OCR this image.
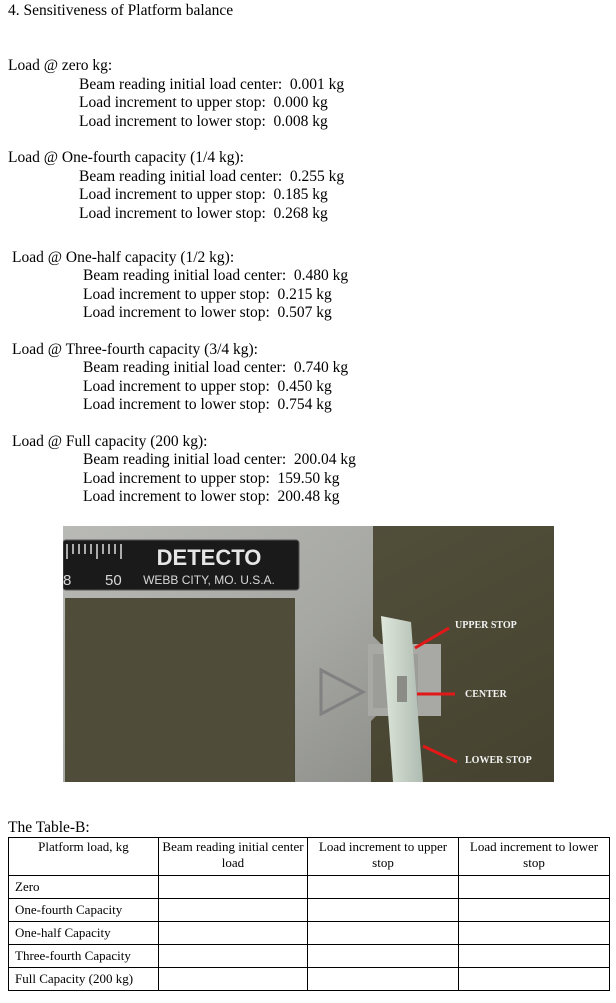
4. Sensitiveness of Platform balance
Load @ zero kg:
Beam reading initial load center:  0.001 kg
Load increment to upper stop:  0.000 kg
Load increment to lower stop:  0.008 kg
Load @ One-fourth capacity (1/4 kg):
Beam reading initial load center:  0.255 kg
Load increment to upper stop:  0.185 kg
Load increment to lower stop:  0.268 kg
Load @ One-half capacity (1/2 kg):
Beam reading initial load center:  0.480 kg
Load increment to upper stop:  0.215 kg
Load increment to lower stop:  0.507 kg
Load @ Three-fourth capacity (3/4 kg):
Beam reading initial load center:  0.740 kg
Load increment to upper stop:  0.450 kg
Load increment to lower stop:  0.754 kg
Load @ Full capacity (200 kg):
Beam reading initial load center:  200.04 kg
Load increment to upper stop:  159.50 kg
Load increment to lower stop:  200.48 kg
DETECTO
WEBB CITY, MO. U.S.A.
8 50
UPPER STOP
CENTER
LOWER STOP
The Table-B:
Platform load, kg	Beam reading initial center load	Load increment to upper stop	Load increment to lower stop
Zero			
One-fourth Capacity			
One-half Capacity			
Three-fourth Capacity			
Full Capacity (200 kg)			
